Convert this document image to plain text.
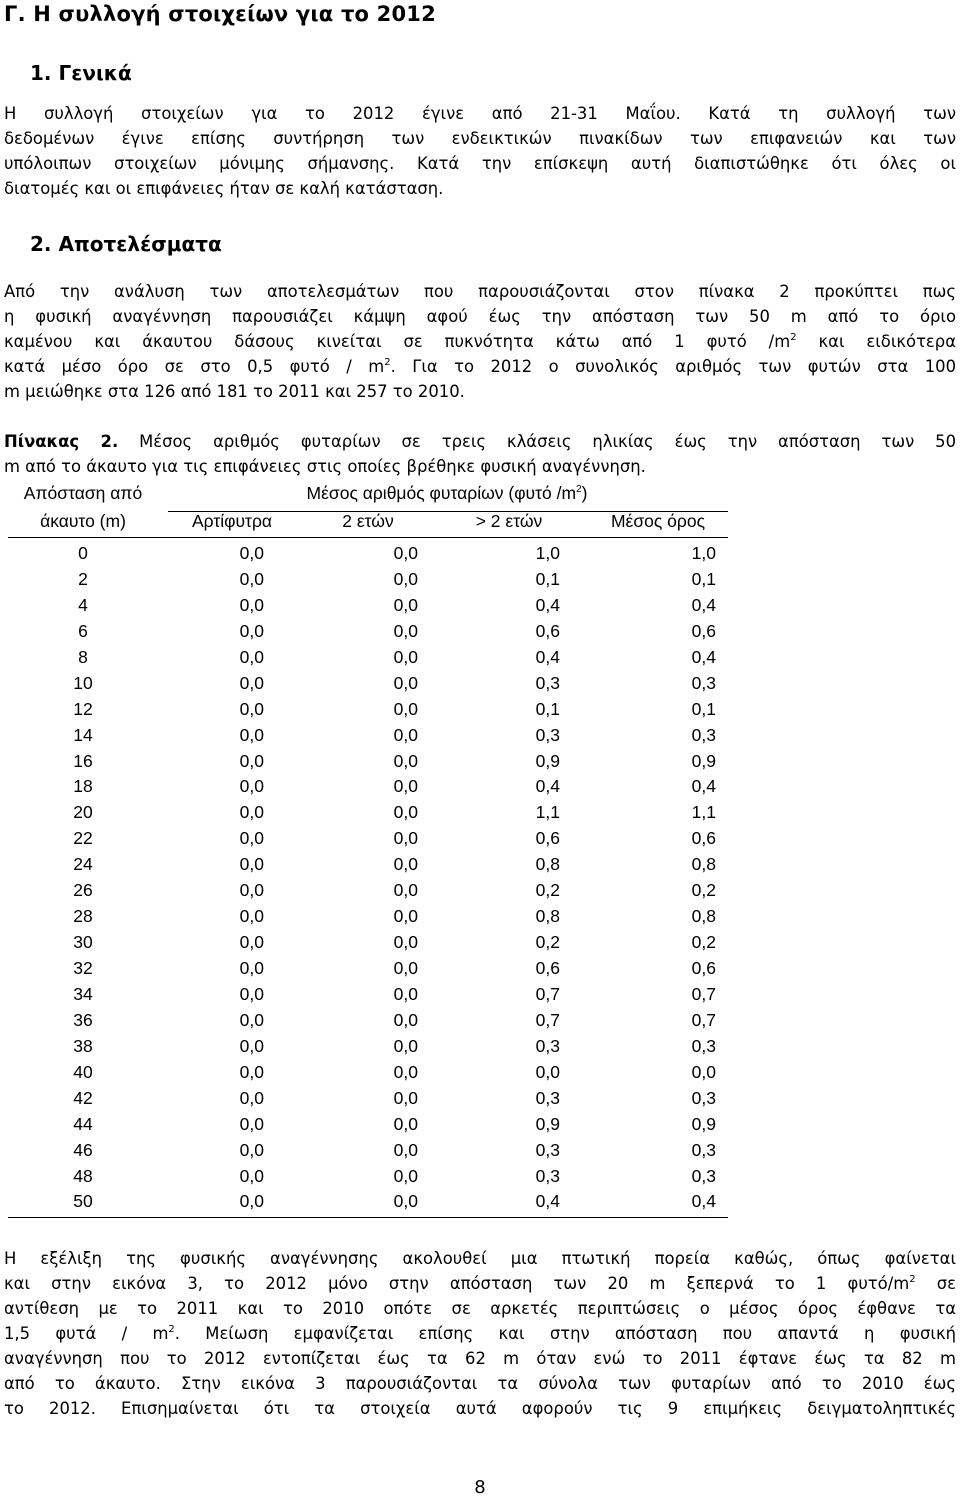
Γ. Η συλλογή στοιχείων για το 2012
1. Γενικά
Η συλλογή στοιχείων για το 2012 έγινε από 21-31 Μαΐου. Κατά τη συλλογή των
δεδομένων έγινε επίσης συντήρηση των ενδεικτικών πινακίδων των επιφανειών και των
υπόλοιπων στοιχείων μόνιμης σήμανσης. Κατά την επίσκεψη αυτή διαπιστώθηκε ότι όλες οι
διατομές και οι επιφάνειες ήταν σε καλή κατάσταση.
2. Αποτελέσματα
Από την ανάλυση των αποτελεσμάτων που παρουσιάζονται στον πίνακα 2 προκύπτει πως
η φυσική αναγέννηση παρουσιάζει κάμψη αφού έως την απόσταση των 50 m από το όριο
καμένου και άκαυτου δάσους κινείται σε πυκνότητα κάτω από 1 φυτό $/m^2$ και ειδικότερα
κατά μέσο όρο σε στο 0,5 φυτό / $m^2$. Για το 2012 ο συνολικός αριθμός των φυτών στα 100
m μειώθηκε στα 126 από 181 το 2011 και 257 το 2010.
Πίνακας 2. Μέσος αριθμός φυταρίων σε τρεις κλάσεις ηλικίας έως την απόσταση των 50
m από το άκαυτο για τις επιφάνειες στις οποίες βρέθηκε φυσική αναγέννηση.
Απόσταση από	Μέσος αριθμός φυταρίων (φυτό $/m^2$)
άκαυτο (m)	Αρτίφυτρα	2 ετών	> 2 ετών	Μέσος όρος
0	0,0	0,0	1,0	1,0
2	0,0	0,0	0,1	0,1
4	0,0	0,0	0,4	0,4
6	0,0	0,0	0,6	0,6
8	0,0	0,0	0,4	0,4
10	0,0	0,0	0,3	0,3
12	0,0	0,0	0,1	0,1
14	0,0	0,0	0,3	0,3
16	0,0	0,0	0,9	0,9
18	0,0	0,0	0,4	0,4
20	0,0	0,0	1,1	1,1
22	0,0	0,0	0,6	0,6
24	0,0	0,0	0,8	0,8
26	0,0	0,0	0,2	0,2
28	0,0	0,0	0,8	0,8
30	0,0	0,0	0,2	0,2
32	0,0	0,0	0,6	0,6
34	0,0	0,0	0,7	0,7
36	0,0	0,0	0,7	0,7
38	0,0	0,0	0,3	0,3
40	0,0	0,0	0,0	0,0
42	0,0	0,0	0,3	0,3
44	0,0	0,0	0,9	0,9
46	0,0	0,0	0,3	0,3
48	0,0	0,0	0,3	0,3
50	0,0	0,0	0,4	0,4
Η εξέλιξη της φυσικής αναγέννησης ακολουθεί μια πτωτική πορεία καθώς, όπως φαίνεται
και στην εικόνα 3, το 2012 μόνο στην απόσταση των 20 m ξεπερνά το 1 φυτό/$m^2$ σε
αντίθεση με το 2011 και το 2010 οπότε σε αρκετές περιπτώσεις ο μέσος όρος έφθανε τα
1,5 φυτά / $m^2$. Μείωση εμφανίζεται επίσης και στην απόσταση που απαντά η φυσική
αναγέννηση που το 2012 εντοπίζεται έως τα 62 m όταν ενώ το 2011 έφτανε έως τα 82 m
από το άκαυτο. Στην εικόνα 3 παρουσιάζονται τα σύνολα των φυταρίων από το 2010 έως
το 2012. Επισημαίνεται ότι τα στοιχεία αυτά αφορούν τις 9 επιμήκεις δειγματοληπτικές
8
